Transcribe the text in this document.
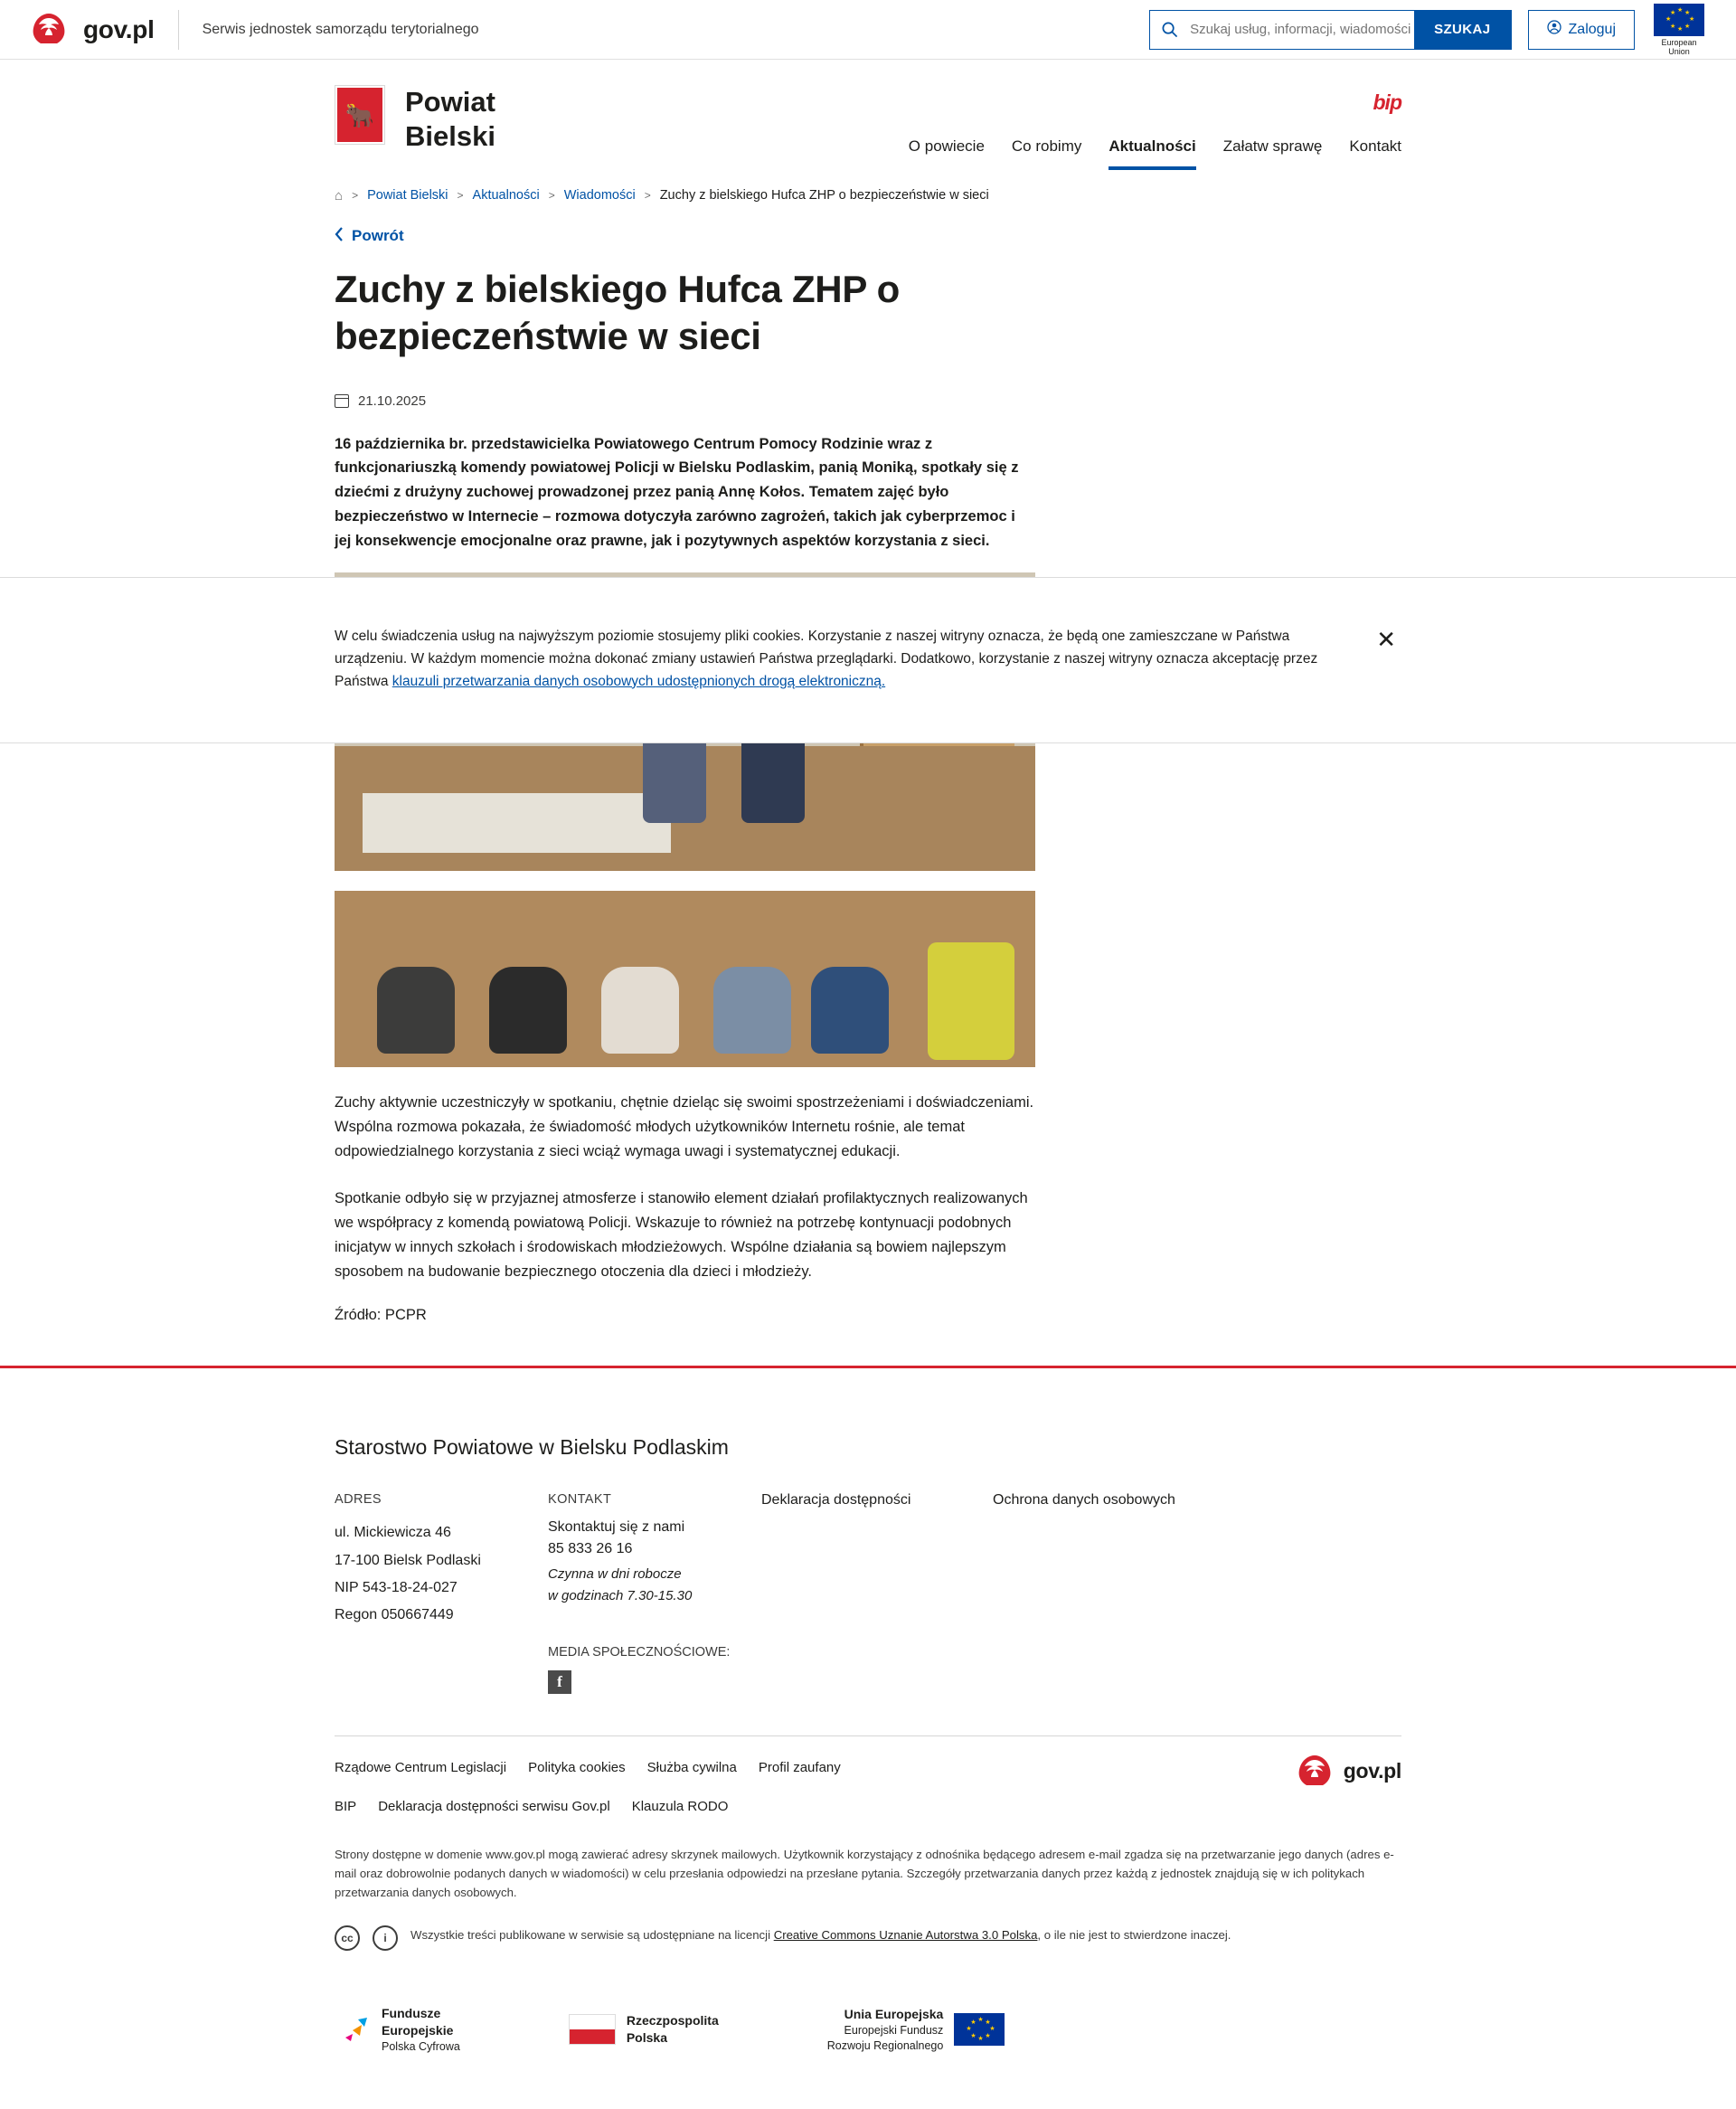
gov.pl	Serwis jednostek samorządu terytorialnego
Szukaj usług, informacji, wiadomości	SZUKAJ	Zaloguj
★ ★
★
★
★
★
★
★
European Union
🐂 Powiat
Bielski
bip
O powiecie Co robimy Aktualności Załatw sprawę Kontakt
⌂ > Powiat Bielski > Aktualności > Wiadomości > Zuchy z bielskiego Hufca ZHP o bezpieczeństwie w sieci
Powrót
Zuchy z bielskiego Hufca ZHP o bezpieczeństwie w sieci
21.10.2025

16 października br. przedstawicielka Powiatowego Centrum Pomocy Rodzinie wraz z funkcjonariuszką komendy powiatowej Policji w Bielsku Podlaskim, panią Moniką, spotkały się z dziećmi z drużyny zuchowej prowadzonej przez panią Annę Kołos. Tematem zajęć było bezpieczeństwo w Internecie – rozmowa dotyczyła zarówno zagrożeń, takich jak cyberprzemoc i jej konsekwencje emocjonalne oraz prawne, jak i pozytywnych aspektów korzystania z sieci.

Zuchy aktywnie uczestniczyły w spotkaniu, chętnie dzieląc się swoimi spostrzeżeniami i doświadczeniami. Wspólna rozmowa pokazała, że świadomość młodych użytkowników Internetu rośnie, ale temat odpowiedzialnego korzystania z sieci wciąż wymaga uwagi i systematycznej edukacji.

Spotkanie odbyło się w przyjaznej atmosferze i stanowiło element działań profilaktycznych realizowanych we współpracy z komendą powiatową Policji. Wskazuje to również na potrzebę kontynuacji podobnych inicjatyw w innych szkołach i środowiskach młodzieżowych. Wspólne działania są bowiem najlepszym sposobem na budowanie bezpiecznego otoczenia dla dzieci i młodzieży.

Źródło: PCPR

W celu świadczenia usług na najwyższym poziomie stosujemy pliki cookies. Korzystanie z naszej witryny oznacza, że będą one zamieszczane w Państwa urządzeniu. W każdym momencie można dokonać zmiany ustawień Państwa przeglądarki. Dodatkowo, korzystanie z naszej witryny oznacza akceptację przez Państwa klauzuli przetwarzania danych osobowych udostępnionych drogą elektroniczną.

✕
Starostwo Powiatowe w Bielsku Podlaskim
ADRES
ul. Mickiewicza 46
17-100 Bielsk Podlaski
NIP 543-18-24-027
Regon 050667449
KONTAKT
Skontaktuj się z nami
85 833 26 16
Czynna w dni robocze
w godzinach 7.30-15.30
MEDIA SPOŁECZNOŚCIOWE:
f
Deklaracja dostępności	Ochrona danych osobowych
Rządowe Centrum Legislacji Polityka cookies Służba cywilna Profil zaufany	gov.pl
BIP Deklaracja dostępności serwisu Gov.pl Klauzula RODO
Strony dostępne w domenie www.gov.pl mogą zawierać adresy skrzynek mailowych. Użytkownik korzystający z odnośnika będącego adresem e-mail zgadza się na przetwarzanie jego danych (adres e-mail oraz dobrowolnie podanych danych w wiadomości) w celu przesłania odpowiedzi na przesłane pytania. Szczegóły przetwarzania danych przez każdą z jednostek znajdują się w ich politykach przetwarzania danych osobowych.
cc	i	Wszystkie treści publikowane w serwisie są udostępniane na licencji Creative Commons Uznanie Autorstwa 3.0 Polska, o ile nie jest to stwierdzone inaczej.
Fundusze
Europejskie
Polska Cyfrowa
Rzeczpospolita
Polska
Unia Europejska
Europejski Fundusz
Rozwoju Regionalnego
★ ★
★
★
★
★
★
★
